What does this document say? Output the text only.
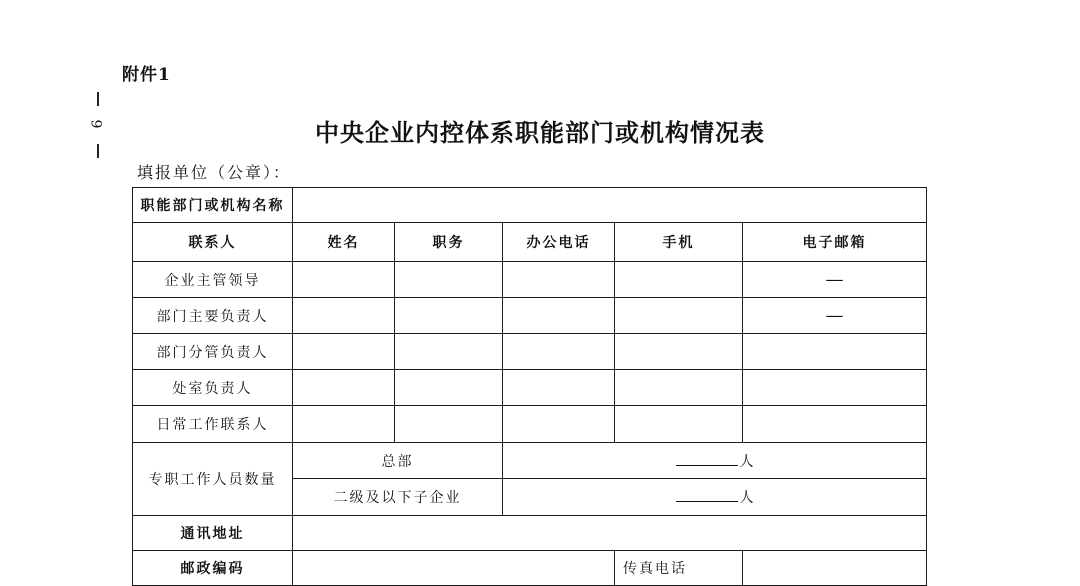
附件1
9	中央企业内控体系职能部门或机构情况表
填报单位（公章）：
职能部门或机构名称					
联系人	姓名	职务	办公电话	手机	电子邮箱
企业主管领导					—
部门主要负责人					—
部门分管负责人					
处室负责人					
日常工作联系人					
专职工作人员数量	总部		人		
	二级及以下子企业		人		
通讯地址					
邮政编码				传真电话	
